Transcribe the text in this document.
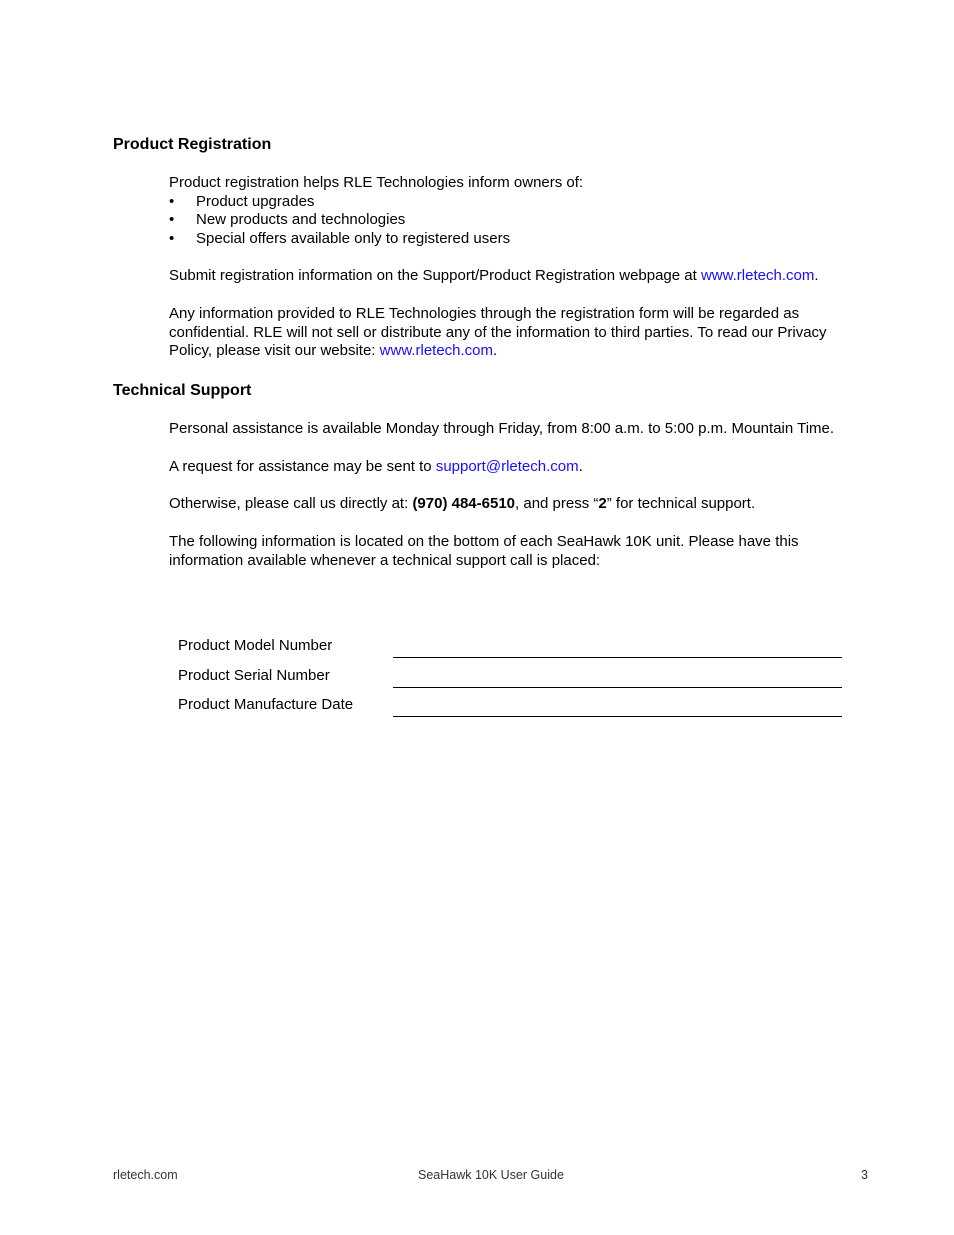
Product Registration

Product registration helps RLE Technologies inform owners of:

• Product upgrades
• New products and technologies
• Special offers available only to registered users

Submit registration information on the Support/Product Registration webpage at www.rletech.com.

Any information provided to RLE Technologies through the registration form will be regarded as confidential. RLE will not sell or distribute any of the information to third parties. To read our Privacy Policy, please visit our website: www.rletech.com.

Technical Support

Personal assistance is available Monday through Friday, from 8:00 a.m. to 5:00 p.m. Mountain Time.

A request for assistance may be sent to support@rletech.com.

Otherwise, please call us directly at: (970) 484-6510, and press “2” for technical support.

The following information is located on the bottom of each SeaHawk 10K unit. Please have this information available whenever a technical support call is placed:

Product Model Number
Product Serial Number
Product Manufacture Date
rletech.com	SeaHawk 10K User Guide	3
